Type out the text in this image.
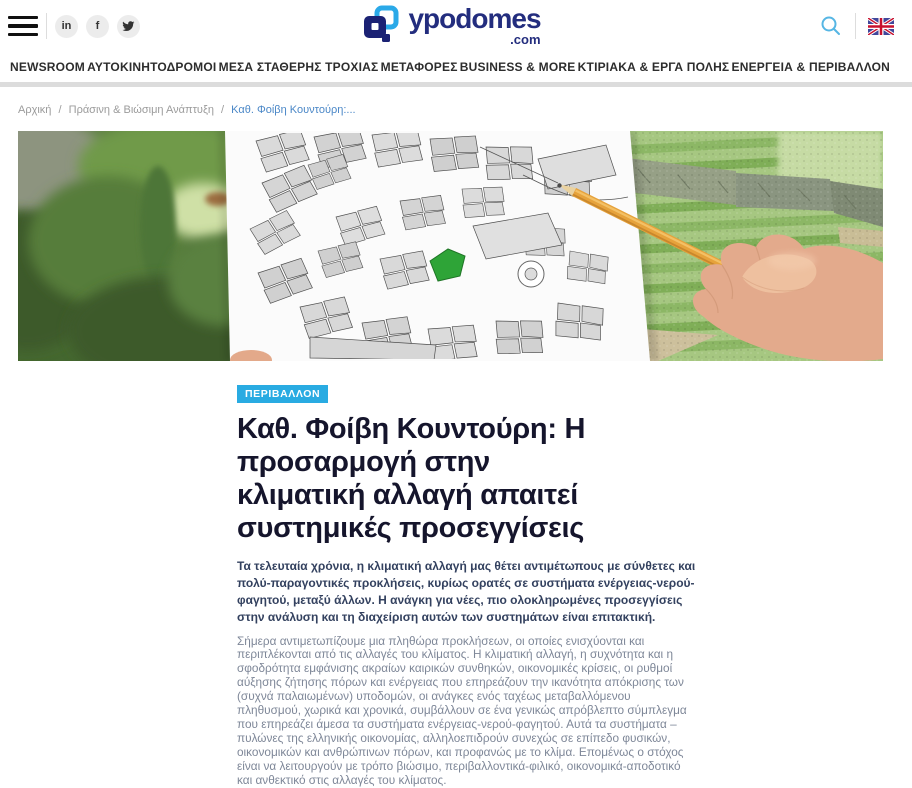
in f	ypodomes
.com
NEWSROOM ΑΥΤΟΚΙΝΗΤΟΔΡΟΜΟΙ ΜΕΣΑ ΣΤΑΘΕΡΗΣ ΤΡΟΧΙΑΣ ΜΕΤΑΦΟΡΕΣ BUSINESS & MORE ΚΤΙΡΙΑΚΑ & ΕΡΓΑ ΠΟΛΗΣ ΕΝΕΡΓΕΙΑ & ΠΕΡΙΒΑΛΛΟΝ
Αρχική / Πράσινη & Βιώσιμη Ανάπτυξη / Καθ. Φοίβη Κουντούρη:...
ΠΕΡΙΒΑΛΛΟΝ
Καθ. Φοίβη Κουντούρη: Η
προσαρμογή στην
κλιματική αλλαγή απαιτεί
συστημικές προσεγγίσεις

Τα τελευταία χρόνια, η κλιματική αλλαγή μας θέτει αντιμέτωπους με σύνθετες και πολύ-παραγοντικές προκλήσεις, κυρίως ορατές σε συστήματα ενέργειας-νερού-φαγητού, μεταξύ άλλων. Η ανάγκη για νέες, πιο ολοκληρωμένες προσεγγίσεις στην ανάλυση και τη διαχείριση αυτών των συστημάτων είναι επιτακτική.

Σήμερα αντιμετωπίζουμε μια πληθώρα προκλήσεων, οι οποίες ενισχύονται και περιπλέκονται από τις αλλαγές του κλίματος. Η κλιματική αλλαγή, η συχνότητα και η σφοδρότητα εμφάνισης ακραίων καιρικών συνθηκών, οικονομικές κρίσεις, οι ρυθμοί αύξησης ζήτησης πόρων και ενέργειας που επηρεάζουν την ικανότητα απόκρισης των (συχνά παλαιωμένων) υποδομών, οι ανάγκες ενός ταχέως μεταβαλλόμενου πληθυσμού, χωρικά και χρονικά, συμβάλλουν σε ένα γενικώς απρόβλεπτο σύμπλεγμα που επηρεάζει άμεσα τα συστήματα ενέργειας-νερού-φαγητού. Αυτά τα συστήματα – πυλώνες της ελληνικής οικονομίας, αλληλοεπιδρούν συνεχώς σε επίπεδο φυσικών, οικονομικών και ανθρώπινων πόρων, και προφανώς με το κλίμα. Επομένως ο στόχος είναι να λειτουργούν με τρόπο βιώσιμο, περιβαλλοντικά-φιλικό, οικονομικά-αποδοτικό και ανθεκτικό στις αλλαγές του κλίματος.
